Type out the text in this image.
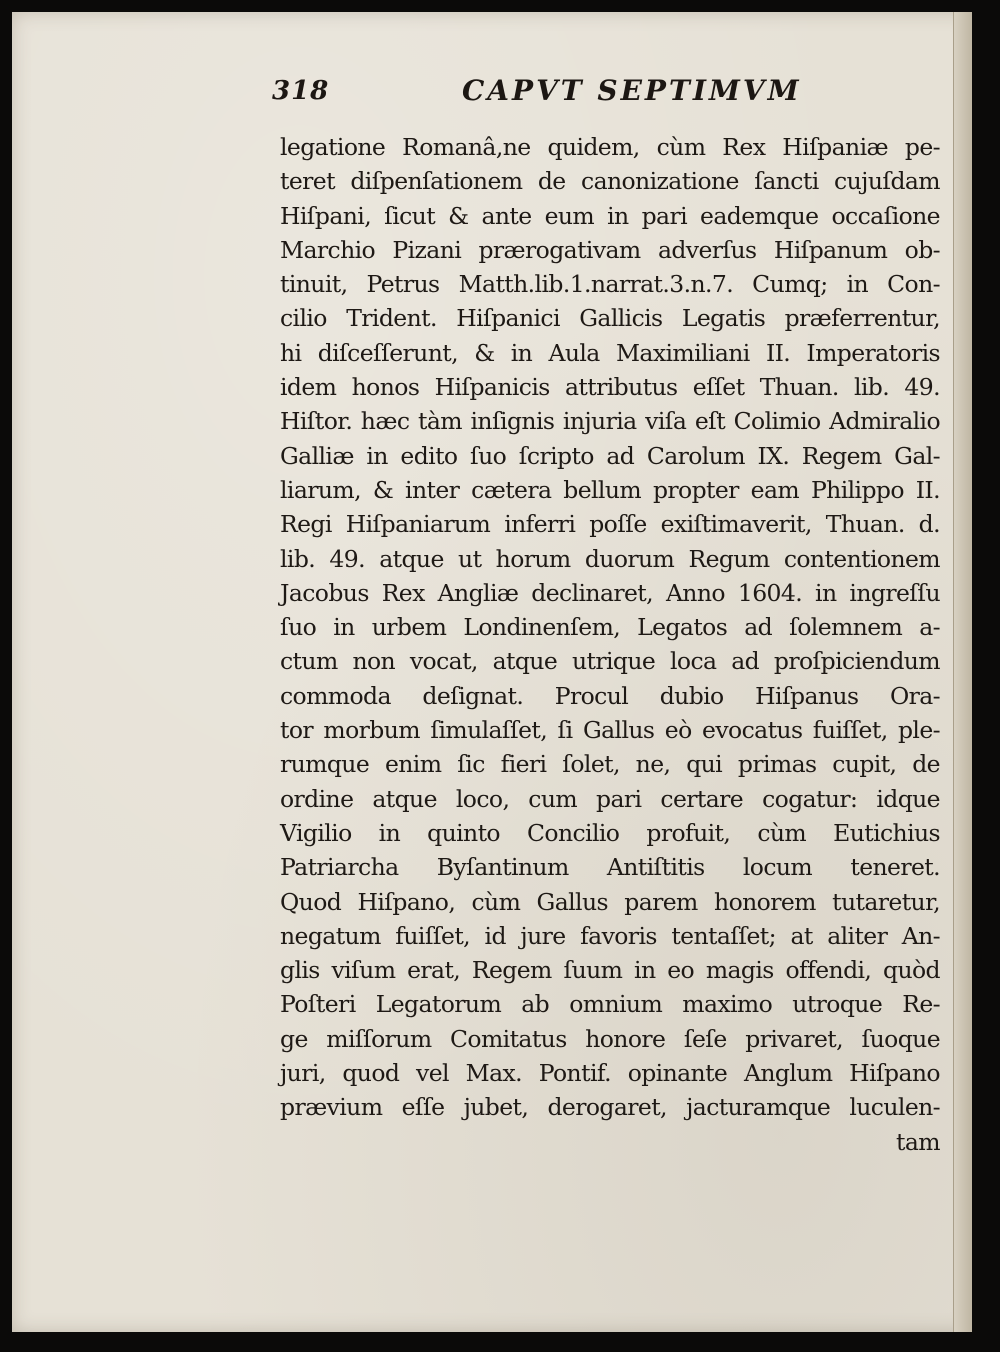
318	CAPVT SEPTIMVM
legatione Romanâ,ne quidem, cùm Rex Hiſpaniæ pe-
teret diſpenſationem de canonizatione ſancti cujuſdam
Hiſpani, ſicut & ante eum in pari eademque occaſione
Marchio Pizani prærogativam adverſus Hiſpanum ob-
tinuit, Petrus Matth.lib.1.narrat.3.n.7. Cumq; in Con-
cilio Trident. Hiſpanici Gallicis Legatis præferrentur,
hi diſceſſerunt, & in Aula Maximiliani II. Imperatoris
idem honos Hiſpanicis attributus eſſet Thuan. lib. 49.
Hiſtor. hæc tàm inſignis injuria viſa eſt Colimio Admiralio
Galliæ in edito ſuo ſcripto ad Carolum IX. Regem Gal-
liarum, & inter cætera bellum propter eam Philippo II.
Regi Hiſpaniarum inferri poſſe exiſtimaverit, Thuan. d.
lib. 49. atque ut horum duorum Regum contentionem
Jacobus Rex Angliæ declinaret, Anno 1604. in ingreſſu
ſuo in urbem Londinenſem, Legatos ad ſolemnem a-
ctum non vocat, atque utrique loca ad proſpiciendum
commoda deſignat. Procul dubio Hiſpanus Ora-
tor morbum ſimulaſſet, ſi Gallus eò evocatus fuiſſet, ple-
rumque enim ſic fieri ſolet, ne, qui primas cupit, de
ordine atque loco, cum pari certare cogatur: idque
Vigilio in quinto Concilio profuit, cùm Eutichius
Patriarcha Byſantinum Antiſtitis locum teneret.
Quod Hiſpano, cùm Gallus parem honorem tutaretur,
negatum fuiſſet, id jure favoris tentaſſet; at aliter An-
glis viſum erat, Regem ſuum in eo magis offendi, quòd
Poſteri Legatorum ab omnium maximo utroque Re-
ge miſſorum Comitatus honore ſeſe privaret, ſuoque
juri, quod vel Max. Pontif. opinante Anglum Hiſpano
prævium eſſe jubet, derogaret, jacturamque luculen-
tam
